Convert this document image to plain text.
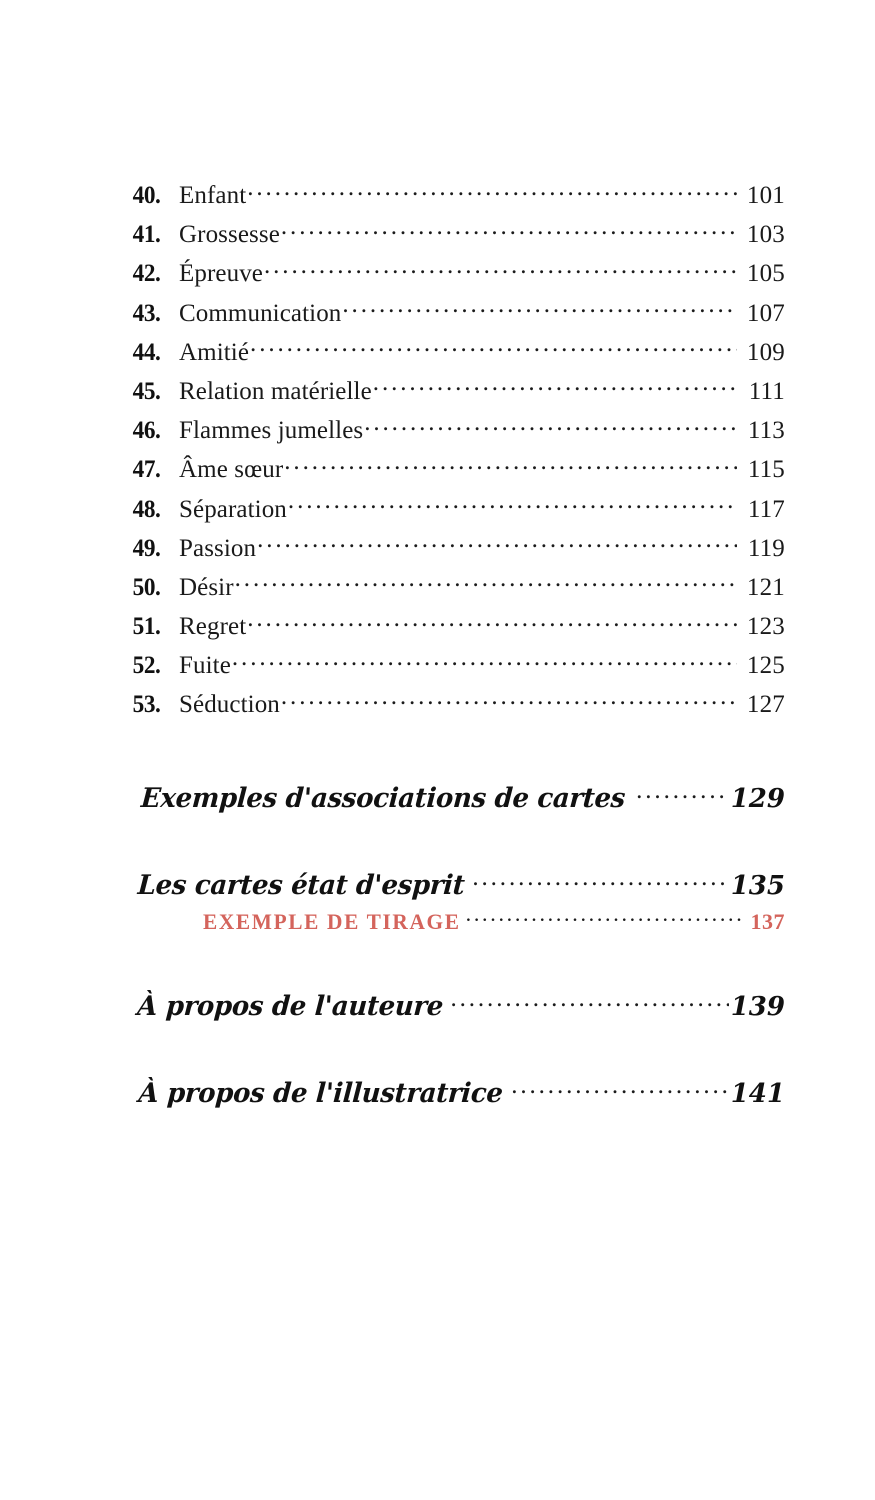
40. Enfant .....	101
41. Grossesse .....	103
42. Épreuve .....	105
43. Communication .....	107
44. Amitié .....	109
45. Relation matérielle .....	111
46. Flammes jumelles .....	113
47. Âme sœur .....	115
48. Séparation .....	117
49. Passion .....	119
50. Désir .....	121
51. Regret .....	123
52. Fuite .....	125
53. Séduction .....	127
Exemples d'associations de cartes .....	129
Les cartes état d'esprit .....	135
EXEMPLE DE TIRAGE .....	137
À propos de l'auteure .....	139
À propos de l'illustratrice .....	141
